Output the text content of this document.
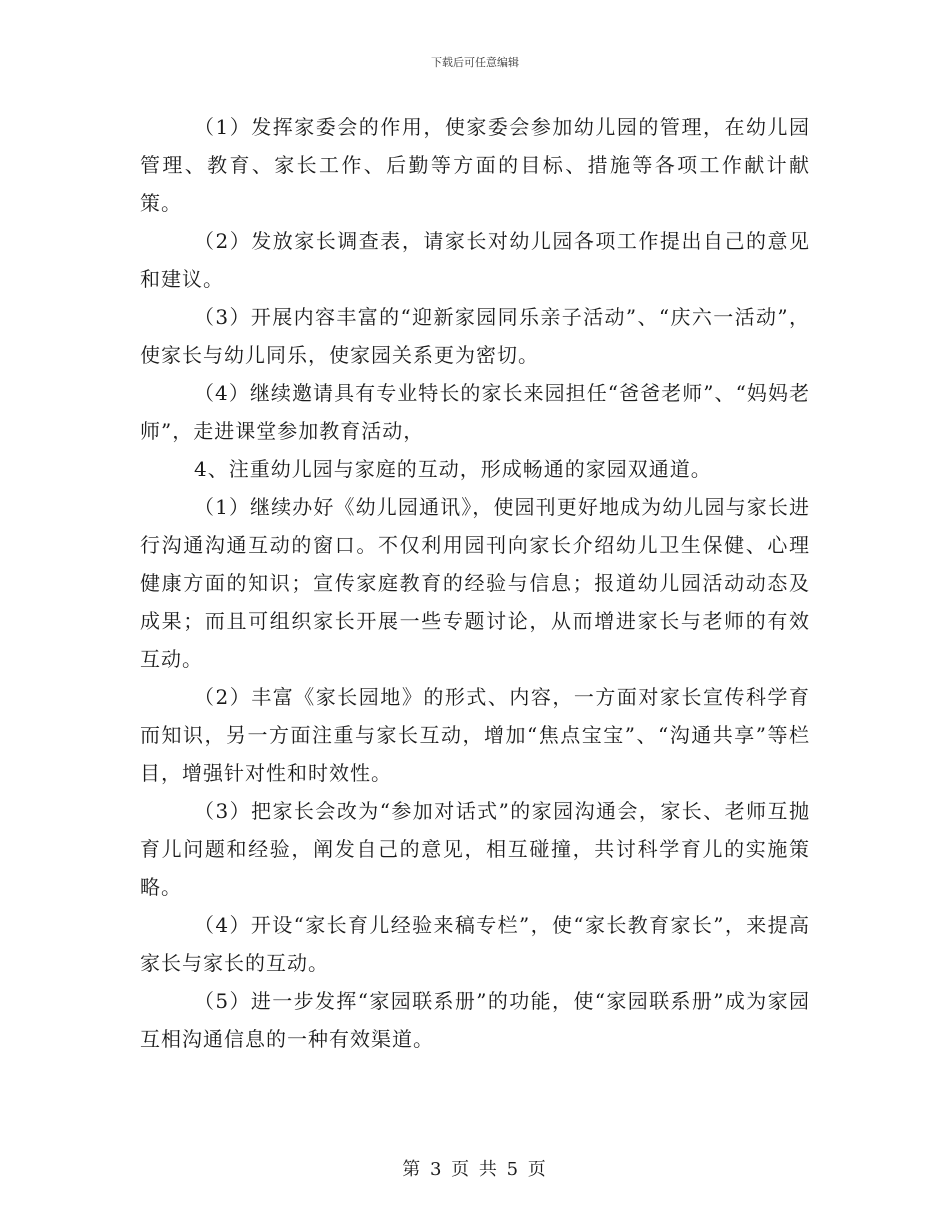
下载后可任意编辑

（1）发挥家委会的作用，使家委会参加幼儿园的管理，在幼儿园管理、教育、家长工作、后勤等方面的目标、措施等各项工作献计献策。

（2）发放家长调查表，请家长对幼儿园各项工作提出自己的意见和建议。

（3）开展内容丰富的“迎新家园同乐亲子活动”、“庆六一活动”，使家长与幼儿同乐，使家园关系更为密切。

（4）继续邀请具有专业特长的家长来园担任“爸爸老师”、“妈妈老师”，走进课堂参加教育活动，

4、注重幼儿园与家庭的互动，形成畅通的家园双通道。

（1）继续办好《幼儿园通讯》，使园刊更好地成为幼儿园与家长进行沟通沟通互动的窗口。不仅利用园刊向家长介绍幼儿卫生保健、心理健康方面的知识；宣传家庭教育的经验与信息；报道幼儿园活动动态及成果；而且可组织家长开展一些专题讨论，从而增进家长与老师的有效互动。

（2）丰富《家长园地》的形式、内容，一方面对家长宣传科学育而知识，另一方面注重与家长互动，增加“焦点宝宝”、“沟通共享”等栏目，增强针对性和时效性。

（3）把家长会改为“参加对话式”的家园沟通会，家长、老师互抛育儿问题和经验，阐发自己的意见，相互碰撞，共讨科学育儿的实施策略。

（4）开设“家长育儿经验来稿专栏”，使“家长教育家长”，来提高家长与家长的互动。

（5）进一步发挥“家园联系册”的功能，使“家园联系册”成为家园互相沟通信息的一种有效渠道。

第 3 页 共 5 页
